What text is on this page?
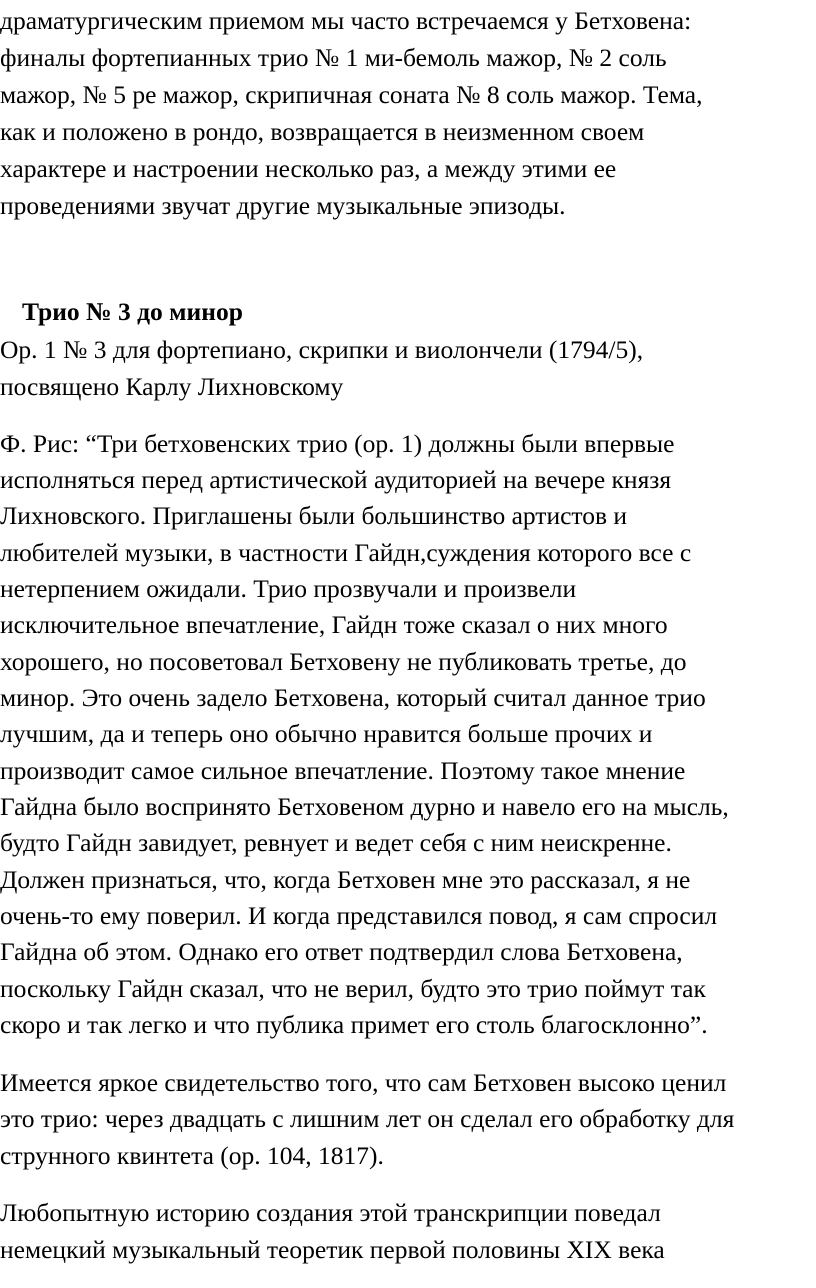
драматургическим приемом мы часто встречаемся у Бетховена:
финалы фортепианных трио № 1 ми-бемоль мажор, № 2 соль
мажор, № 5 ре мажор, скрипичная соната № 8 соль мажор. Тема,
как и положено в рондо, возвращается в неизменном своем
характере и настроении несколько раз, а между этими ее
проведениями звучат другие музыкальные эпизоды.
Трио № 3 до минор
Ор. 1 № 3 для фортепиано, скрипки и виолончели (1794/5),
посвящено Карлу Лихновскому
Ф. Рис: “Три бетховенских трио (ор. 1) должны были впервые
исполняться перед артистической аудиторией на вечере князя
Лихновского. Приглашены были большинство артистов и
любителей музыки, в частности Гайдн,суждения которого все с
нетерпением ожидали. Трио прозвучали и произвели
исключительное впечатление, Гайдн тоже сказал о них много
хорошего, но посоветовал Бетховену не публиковать третье, до
минор. Это очень задело Бетховена, который считал данное трио
лучшим, да и теперь оно обычно нравится больше прочих и
производит самое сильное впечатление. Поэтому такое мнение
Гайдна было воспринято Бетховеном дурно и навело его на мысль,
будто Гайдн завидует, ревнует и ведет себя с ним неискренне.
Должен признаться, что, когда Бетховен мне это рассказал, я не
очень-то ему поверил. И когда представился повод, я сам спросил
Гайдна об этом. Однако его ответ подтвердил слова Бетховена,
поскольку Гайдн сказал, что не верил, будто это трио поймут так
скоро и так легко и что публика примет его столь благосклонно”.
Имеется яркое свидетельство того, что сам Бетховен высоко ценил
это трио: через двадцать с лишним лет он сделал его обработку для
струнного квинтета (ор. 104, 1817).
Любопытную историю создания этой транскрипции поведал
немецкий музыкальный теоретик первой половины XIX века
